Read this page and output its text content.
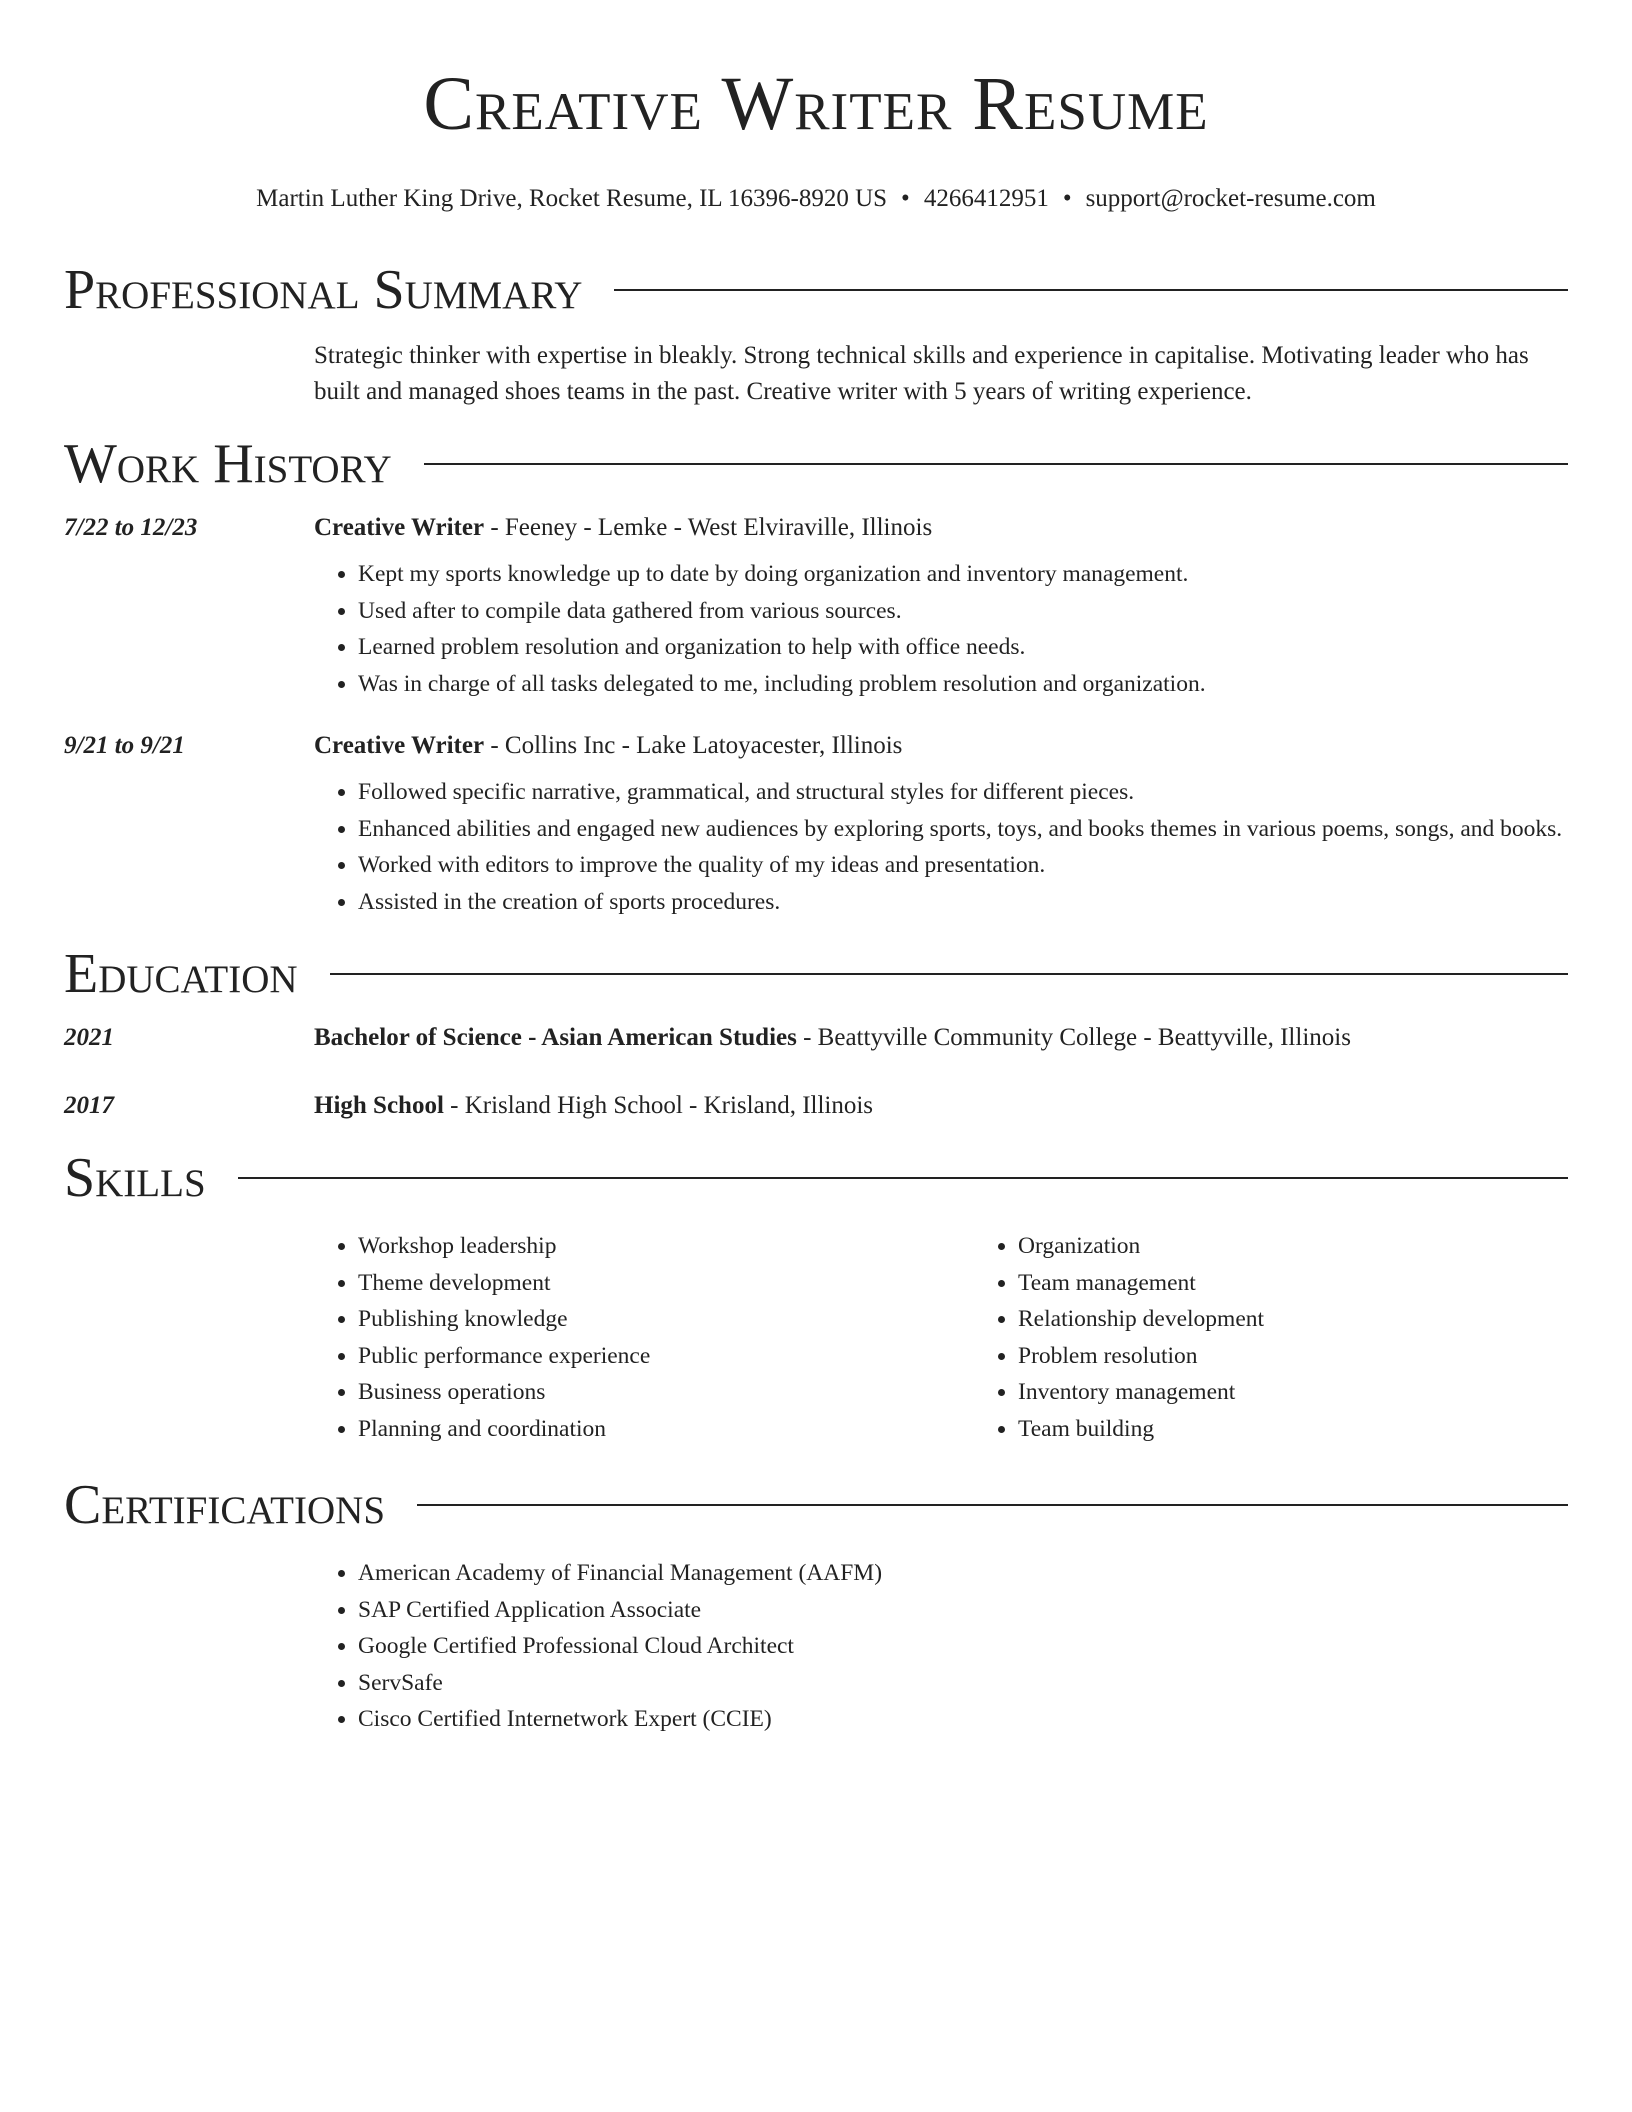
Creative Writer Resume
Martin Luther King Drive, Rocket Resume, IL 16396-8920 US • 4266412951 • support@rocket-resume.com
Professional Summary
Strategic thinker with expertise in bleakly. Strong technical skills and experience in capitalise. Motivating leader who has built and managed shoes teams in the past. Creative writer with 5 years of writing experience.
Work History
7/22 to 12/23	Creative Writer - Feeney - Lemke - West Elviraville, Illinois
• Kept my sports knowledge up to date by doing organization and inventory management.
• Used after to compile data gathered from various sources.
• Learned problem resolution and organization to help with office needs.
• Was in charge of all tasks delegated to me, including problem resolution and organization.
9/21 to 9/21	Creative Writer - Collins Inc - Lake Latoyacester, Illinois
• Followed specific narrative, grammatical, and structural styles for different pieces.
• Enhanced abilities and engaged new audiences by exploring sports, toys, and books themes in various poems, songs, and books.
• Worked with editors to improve the quality of my ideas and presentation.
• Assisted in the creation of sports procedures.
Education
2021	Bachelor of Science - Asian American Studies - Beattyville Community College - Beattyville, Illinois
2017	High School - Krisland High School - Krisland, Illinois
Skills
• Workshop leadership
• Theme development
• Publishing knowledge
• Public performance experience
• Business operations
• Planning and coordination
• Organization
• Team management
• Relationship development
• Problem resolution
• Inventory management
• Team building
Certifications
• American Academy of Financial Management (AAFM)
• SAP Certified Application Associate
• Google Certified Professional Cloud Architect
• ServSafe
• Cisco Certified Internetwork Expert (CCIE)
